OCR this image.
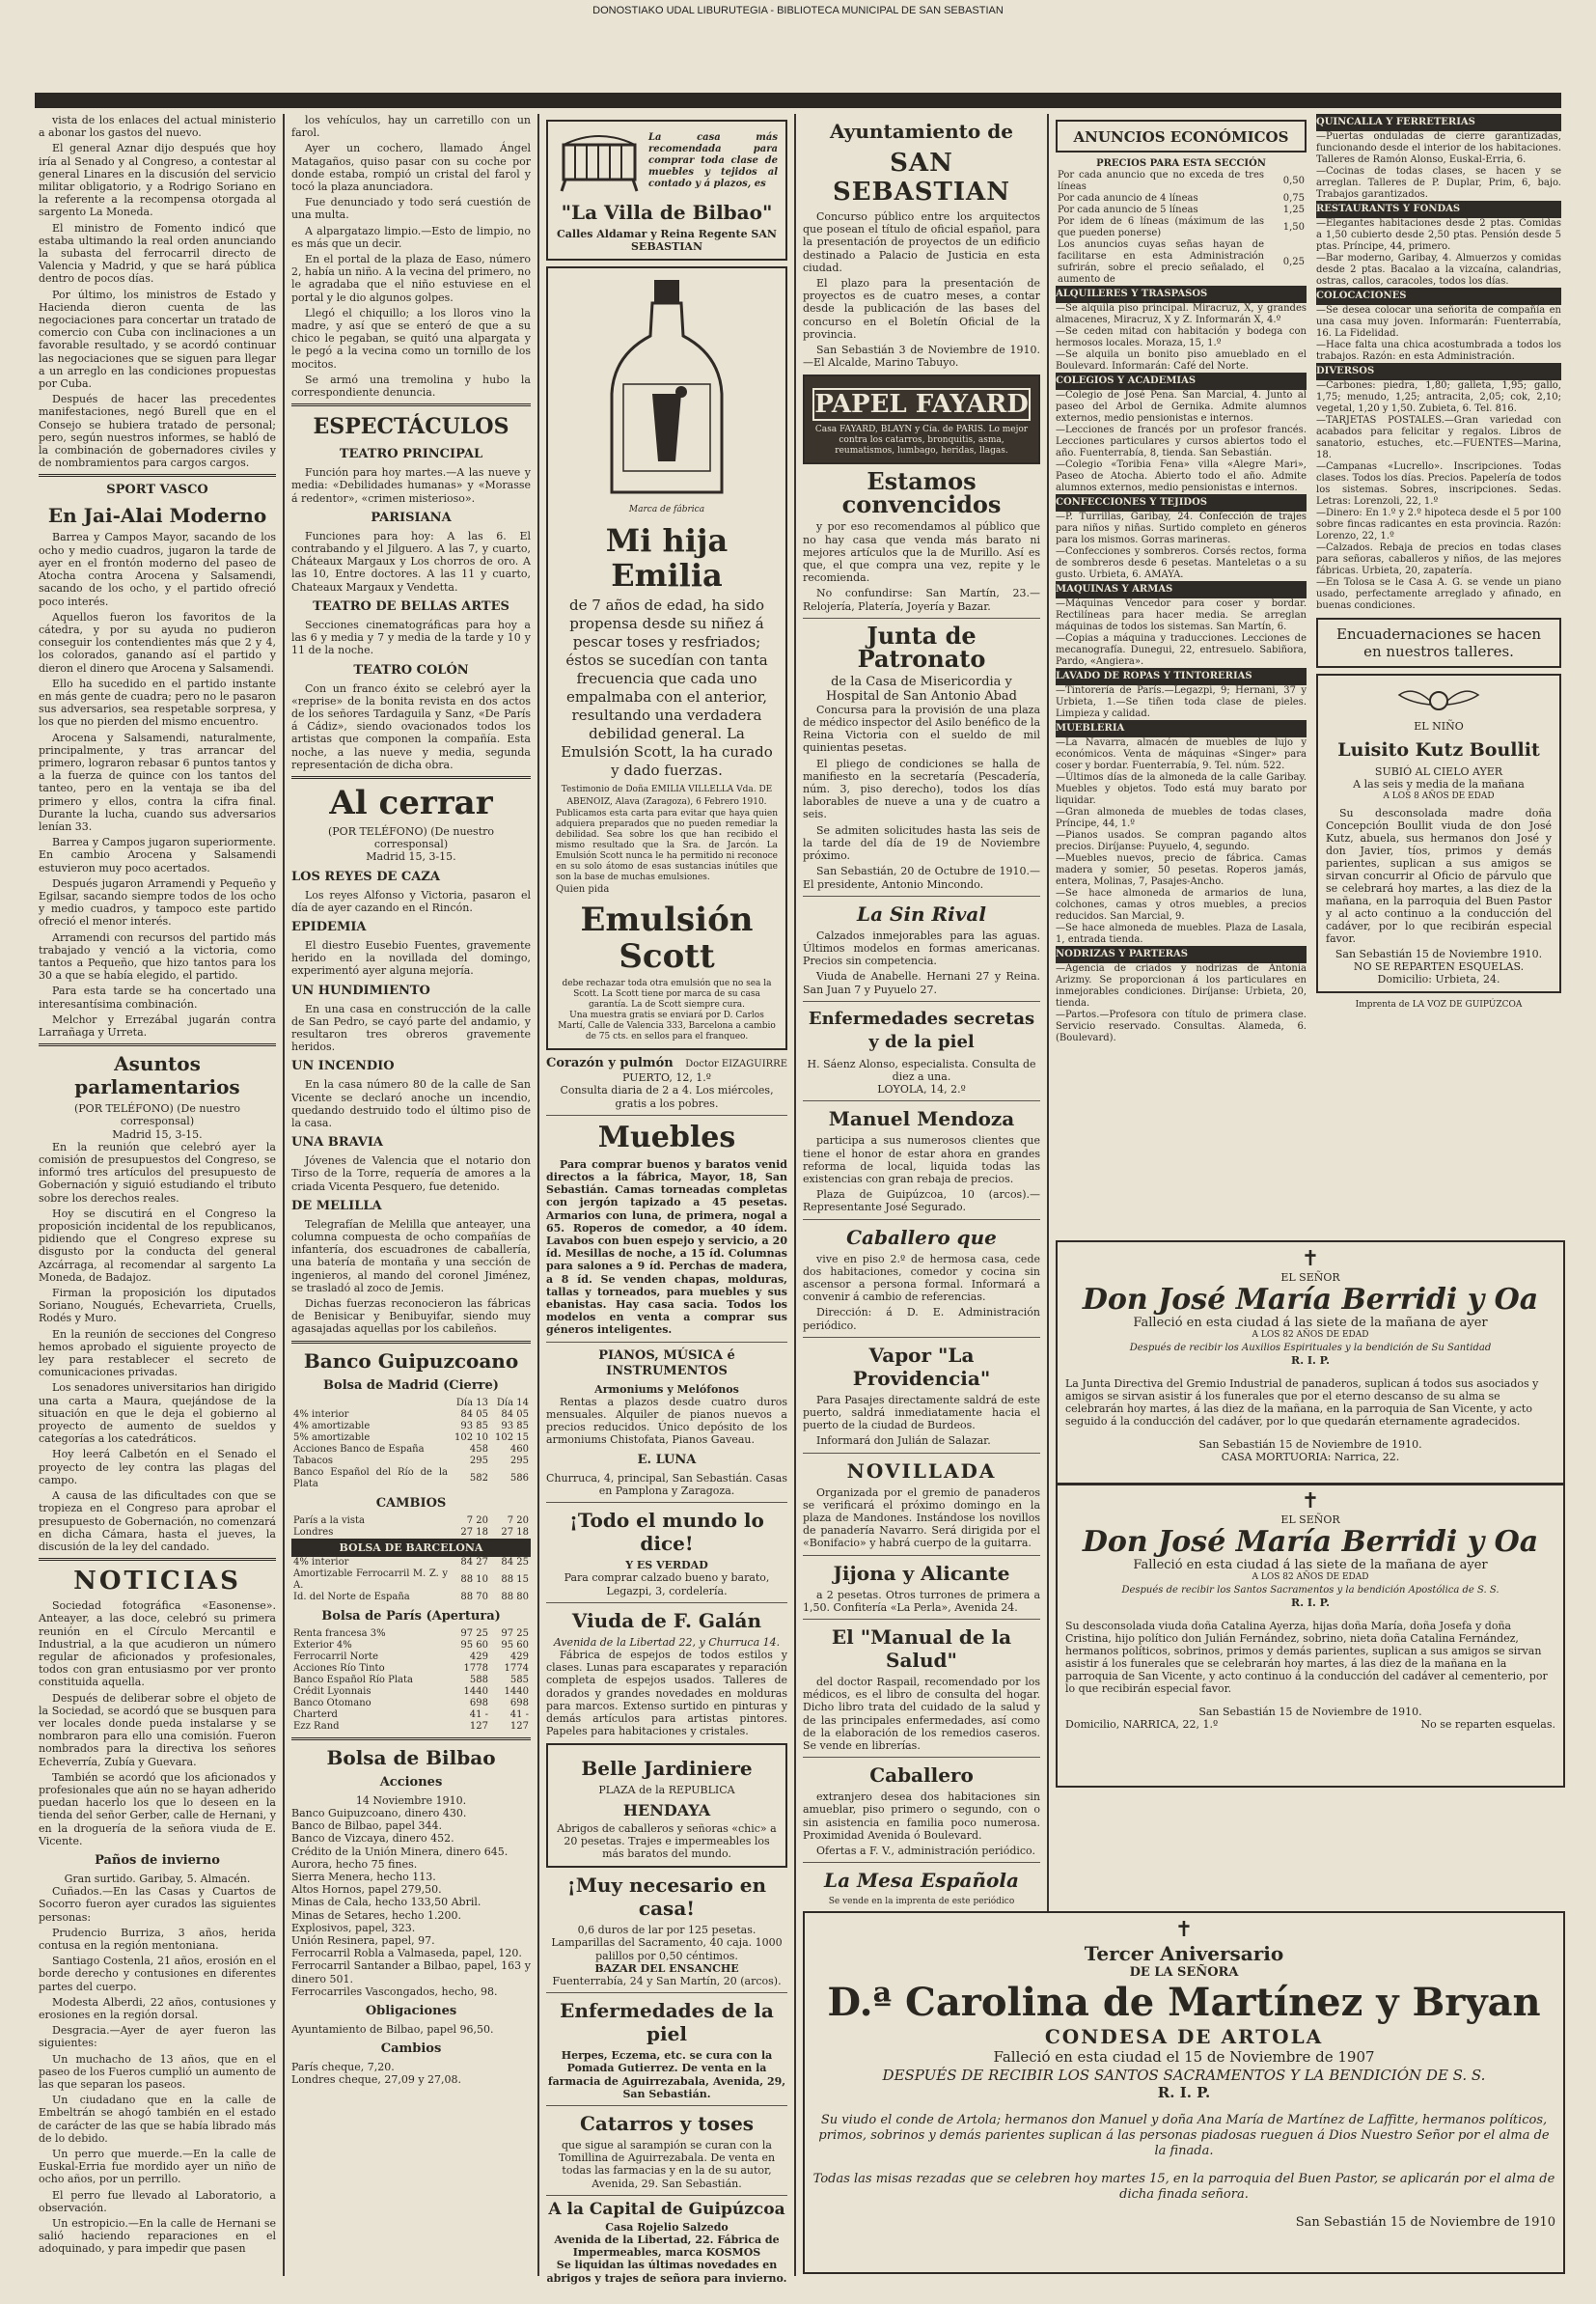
DONOSTIAKO UDAL LIBURUTEGIA - BIBLIOTECA MUNICIPAL DE SAN SEBASTIAN

vista de los enlaces del actual ministerio a abonar los gastos del nuevo.

El general Aznar dijo después que hoy iría al Senado y al Congreso, a contestar al general Linares en la discusión del servicio militar obligatorio, y a Rodrigo Soriano en la referente a la recompensa otorgada al sargento La Moneda.

El ministro de Fomento indicó que estaba ultimando la real orden anunciando la subasta del ferrocarril directo de Valencia y Madrid, y que se hará pública dentro de pocos días.

Por último, los ministros de Estado y Hacienda dieron cuenta de las negociaciones para concertar un tratado de comercio con Cuba con inclinaciones a un favorable resultado, y se acordó continuar las negociaciones que se siguen para llegar a un arreglo en las condiciones propuestas por Cuba.

Después de hacer las precedentes manifestaciones, negó Burell que en el Consejo se hubiera tratado de personal; pero, según nuestros informes, se habló de la combinación de gobernadores civiles y de nombramientos para cargos cargos.

SPORT VASCO
En Jai-Alai Moderno

Barrea y Campos Mayor, sacando de los ocho y medio cuadros, jugaron la tarde de ayer en el frontón moderno del paseo de Atocha contra Arocena y Salsamendi, sacando de los ocho, y el partido ofreció poco interés.

Aquellos fueron los favoritos de la cátedra, y por su ayuda no pudieron conseguir los contendientes más que 2 y 4, los colorados, ganando así el partido y dieron el dinero que Arocena y Salsamendi.

Ello ha sucedido en el partido instante en más gente de cuadra; pero no le pasaron sus adversarios, sea respetable sorpresa, y los que no pierden del mismo encuentro.

Arocena y Salsamendi, naturalmente, principalmente, y tras arrancar del primero, lograron rebasar 6 puntos tantos y a la fuerza de quince con los tantos del tanteo, pero en la ventaja se iba del primero y ellos, contra la cifra final. Durante la lucha, cuando sus adversarios lenían 33.

Barrea y Campos jugaron superiormente. En cambio Arocena y Salsamendi estuvieron muy poco acertados.

Después jugaron Arramendi y Pequeño y Egilsar, sacando siempre todos de los ocho y medio cuadros, y tampoco este partido ofreció el menor interés.

Arramendi con recursos del partido más trabajado y venció a la victoria, como tantos a Pequeño, que hizo tantos para los 30 a que se había elegido, el partido.

Para esta tarde se ha concertado una interesantísima combinación.

Melchor y Errezábal jugarán contra Larrañaga y Urreta.

Asuntos parlamentarios
(POR TELÉFONO) (De nuestro corresponsal)
Madrid 15, 3-15.

En la reunión que celebró ayer la comisión de presupuestos del Congreso, se informó tres artículos del presupuesto de Gobernación y siguió estudiando el tributo sobre los derechos reales.

Hoy se discutirá en el Congreso la proposición incidental de los republicanos, pidiendo que el Congreso exprese su disgusto por la conducta del general Azcárraga, al recomendar al sargento La Moneda, de Badajoz.

Firman la proposición los diputados Soriano, Nougués, Echevarrieta, Cruells, Rodés y Muro.

En la reunión de secciones del Congreso hemos aprobado el siguiente proyecto de ley para restablecer el secreto de comunicaciones privadas.

Los senadores universitarios han dirigido una carta a Maura, quejándose de la situación en que le deja el gobierno al proyecto de aumento de sueldos y categorías a los catedráticos.

Hoy leerá Calbetón en el Senado el proyecto de ley contra las plagas del campo.

A causa de las dificultades con que se tropieza en el Congreso para aprobar el presupuesto de Gobernación, no comenzará en dicha Cámara, hasta el jueves, la discusión de la ley del candado.

NOTICIAS

Sociedad fotográfica «Easonense». Anteayer, a las doce, celebró su primera reunión en el Círculo Mercantil e Industrial, a la que acudieron un número regular de aficionados y profesionales, todos con gran entusiasmo por ver pronto constituida aquella.

Después de deliberar sobre el objeto de la Sociedad, se acordó que se busquen para ver locales donde pueda instalarse y se nombraron para ello una comisión. Fueron nombrados para la directiva los señores Echeverría, Zubía y Guevara.

También se acordó que los aficionados y profesionales que aún no se hayan adherido puedan hacerlo los que lo deseen en la tienda del señor Gerber, calle de Hernani, y en la droguería de la señora viuda de E. Vicente.

Paños de invierno
Gran surtido. Garibay, 5. Almacén.

Cuñados.—En las Casas y Cuartos de Socorro fueron ayer curados las siguientes personas:

Prudencio Burriza, 3 años, herida contusa en la región mentoniana.

Santiago Costenla, 21 años, erosión en el borde derecho y contusiones en diferentes partes del cuerpo.

Modesta Alberdi, 22 años, contusiones y erosiones en la región dorsal.

Desgracia.—Ayer de ayer fueron las siguientes:

Un muchacho de 13 años, que en el paseo de los Fueros cumplió un aumento de las que separan los paseos.

Un ciudadano que en la calle de Embeltrán se ahogó también en el estado de carácter de las que se había librado más de lo debido.

Un perro que muerde.—En la calle de Euskal-Erria fue mordido ayer un niño de ocho años, por un perrillo.

El perro fue llevado al Laboratorio, a observación.

Un estropicio.—En la calle de Hernani se salió haciendo reparaciones en el adoquinado, y para impedir que pasen

los vehículos, hay un carretillo con un farol.

Ayer un cochero, llamado Ángel Matagaños, quiso pasar con su coche por donde estaba, rompió un cristal del farol y tocó la plaza anunciadora.

Fue denunciado y todo será cuestión de una multa.

A alpargatazo limpio.—Esto de limpio, no es más que un decir.

En el portal de la plaza de Easo, número 2, había un niño. A la vecina del primero, no le agradaba que el niño estuviese en el portal y le dio algunos golpes.

Llegó el chiquillo; a los lloros vino la madre, y así que se enteró de que a su chico le pegaban, se quitó una alpargata y le pegó a la vecina como un tornillo de los mocitos.

Se armó una tremolina y hubo la correspondiente denuncia.

ESPECTÁCULOS
TEATRO PRINCIPAL

Función para hoy martes.—A las nueve y media: «Debilidades humanas» y «Morasse á redentor», «crimen misterioso».

PARISIANA

Funciones para hoy: A las 6. El contrabando y el Jilguero. A las 7, y cuarto, Cháteaux Margaux y Los chorros de oro. A las 10, Entre doctores. A las 11 y cuarto, Chateaux Margaux y Vendetta.

TEATRO DE BELLAS ARTES

Secciones cinematográficas para hoy a las 6 y media y 7 y media de la tarde y 10 y 11 de la noche.

TEATRO COLÓN

Con un franco éxito se celebró ayer la «reprise» de la bonita revista en dos actos de los señores Tardaguila y Sanz, «De París á Cádiz», siendo ovacionados todos los artistas que componen la compañía. Esta noche, a las nueve y media, segunda representación de dicha obra.

Al cerrar
(POR TELÉFONO) (De nuestro corresponsal)
Madrid 15, 3-15.
LOS REYES DE CAZA

Los reyes Alfonso y Victoria, pasaron el día de ayer cazando en el Rincón.

EPIDEMIA

El diestro Eusebio Fuentes, gravemente herido en la novillada del domingo, experimentó ayer alguna mejoría.

UN HUNDIMIENTO

En una casa en construcción de la calle de San Pedro, se cayó parte del andamio, y resultaron tres obreros gravemente heridos.

UN INCENDIO

En la casa número 80 de la calle de San Vicente se declaró anoche un incendio, quedando destruido todo el último piso de la casa.

UNA BRAVIA

Jóvenes de Valencia que el notario don Tirso de la Torre, requería de amores a la criada Vicenta Pesquero, fue detenido.

DE MELILLA

Telegrafían de Melilla que anteayer, una columna compuesta de ocho compañías de infantería, dos escuadrones de caballería, una batería de montaña y una sección de ingenieros, al mando del coronel Jiménez, se trasladó al zoco de Jemis.

Dichas fuerzas reconocieron las fábricas de Benisicar y Benibuyifar, siendo muy agasajadas aquellas por los cabileños.

Banco Guipuzcoano
Bolsa de Madrid (Cierre)
	Día 13	Día 14
4% interior	84 05	84 05
4% amortizable	93 85	93 85
5% amortizable	102 10	102 15
Acciones Banco de España	458	460
Tabacos	295	295
Banco Español del Río de la Plata	582	586
CAMBIOS
París a la vista	7 20	7 20
Londres	27 18	27 18
BOLSA DE BARCELONA
4% interior	84 27	84 25
Amortizable Ferrocarril M. Z. y A.	88 10	88 15
Id. del Norte de España	88 70	88 80
Bolsa de París (Apertura)
Renta francesa 3%	97 25	97 25
Exterior 4%	95 60	95 60
Ferrocarril Norte	429	429
Acciones Río Tinto	1778	1774
Banco Español Río Plata	588	585
Crédit Lyonnais	1440	1440
Banco Otomano	698	698
Charterd	41 -	41 -
Ezz Rand	127	127
Bolsa de Bilbao
Acciones
14 Noviembre 1910.
Banco Guipuzcoano, dinero 430.
Banco de Bilbao, papel 344.
Banco de Vizcaya, dinero 452.
Crédito de la Unión Minera, dinero 645.
Aurora, hecho 75 fines.
Sierra Menera, hecho 113.
Altos Hornos, papel 279,50.
Minas de Cala, hecho 133,50 Abril.
Minas de Setares, hecho 1.200.
Explosivos, papel, 323.
Unión Resinera, papel, 97.
Ferrocarril Robla a Valmaseda, papel, 120.
Ferrocarril Santander a Bilbao, papel, 163 y dinero 501.
Ferrocarriles Vascongados, hecho, 98.
Obligaciones
Ayuntamiento de Bilbao, papel 96,50.
Cambios
París cheque, 7,20.
Londres cheque, 27,09 y 27,08.
La casa más recomendada para comprar toda clase de muebles y tejidos al contado y á plazos, es
"La Villa de Bilbao"
Calles Aldamar y Reina Regente SAN SEBASTIAN
Marca de fábrica
Mi hija Emilia
de 7 años de edad, ha sido propensa desde su niñez á pescar toses y resfriados; éstos se sucedían con tanta frecuencia que cada uno empalmaba con el anterior, resultando una verdadera debilidad general. La Emulsión Scott, la ha curado y dado fuerzas.
Testimonio de Doña EMILIA VILLELLA Vda. DE ABENOIZ, Alava (Zaragoza), 6 Febrero 1910.
Publicamos esta carta para evitar que haya quien adquiera preparados que no pueden remediar la debilidad. Sea sobre los que han recibido el mismo resultado que la Sra. de Jarcón. La Emulsión Scott nunca le ha permitido ni reconoce en su solo átomo de esas sustancias inútiles que son la base de muchas emulsiones.
Quien pida
Emulsión Scott
debe rechazar toda otra emulsión que no sea la Scott. La Scott tiene por marca de su casa garantía. La de Scott siempre cura.
Una muestra gratis se enviará por D. Carlos Martí, Calle de Valencia 333, Barcelona a cambio de 75 cts. en sellos para el franqueo.
Corazón y pulmón Doctor EIZAGUIRRE
PUERTO, 12, 1.º
Consulta diaria de 2 a 4. Los miércoles, gratis a los pobres.
Muebles

Para comprar buenos y baratos venid directos a la fábrica, Mayor, 18, San Sebastián. Camas torneadas completas con jergón tapizado a 45 pesetas. Armarios con luna, de primera, nogal a 65. Roperos de comedor, a 40 ídem. Lavabos con buen espejo y servicio, a 20 íd. Mesillas de noche, a 15 íd. Columnas para salones a 9 íd. Perchas de madera, a 8 íd. Se venden chapas, molduras, tallas y torneados, para muebles y sus ebanistas. Hay casa sacia. Todos los modelos en venta a comprar sus géneros inteligentes.

PIANOS, MÚSICA é INSTRUMENTOS
Armoniums y Melófonos

Rentas a plazos desde cuatro duros mensuales. Alquiler de pianos nuevos a precios reducidos. Único depósito de los armoniums Chistofata, Pianos Gaveau.

E. LUNA
Churruca, 4, principal, San Sebastián. Casas en Pamplona y Zaragoza.
¡Todo el mundo lo dice!
Y ES VERDAD
Para comprar calzado bueno y barato, Legazpi, 3, cordelería.
Viuda de F. Galán
Avenida de la Libertad 22, y Churruca 14.

Fábrica de espejos de todos estilos y clases. Lunas para escaparates y reparación completa de espejos usados. Talleres de dorados y grandes novedades en molduras para marcos. Extenso surtido en pinturas y demás artículos para artistas pintores. Papeles para habitaciones y cristales.

Belle Jardiniere
PLAZA de la REPUBLICA
HENDAYA
Abrigos de caballeros y señoras «chic» a 20 pesetas. Trajes e impermeables los más baratos del mundo.
¡Muy necesario en casa!
0,6 duros de lar por 125 pesetas. Lamparillas del Sacramento, 40 caja. 1000 palillos por 0,50 céntimos.
BAZAR DEL ENSANCHE
Fuenterrabía, 24 y San Martín, 20 (arcos).
Enfermedades de la piel
Herpes, Eczema, etc. se cura con la Pomada Gutierrez. De venta en la farmacia de Aguirrezabala, Avenida, 29, San Sebastián.
Catarros y toses
que sigue al sarampión se curan con la Tomillina de Aguirrezabala. De venta en todas las farmacias y en la de su autor, Avenida, 29. San Sebastián.
A la Capital de Guipúzcoa
Casa Rojelio Salzedo
Avenida de la Libertad, 22. Fábrica de Impermeables, marca KOSMOS
Se liquidan las últimas novedades en abrigos y trajes de señora para invierno.
Ayuntamiento de
SAN SEBASTIAN

Concurso público entre los arquitectos que posean el título de oficial español, para la presentación de proyectos de un edificio destinado a Palacio de Justicia en esta ciudad.

El plazo para la presentación de proyectos es de cuatro meses, a contar desde la publicación de las bases del concurso en el Boletín Oficial de la provincia.

San Sebastián 3 de Noviembre de 1910.—El Alcalde, Marino Tabuyo.

PAPEL FAYARD
Casa FAYARD, BLAYN y Cía. de PARIS. Lo mejor contra los catarros, bronquitis, asma, reumatismos, lumbago, heridas, llagas.
Estamos convencidos

y por eso recomendamos al público que no hay casa que venda más barato ni mejores artículos que la de Murillo. Así es que, el que compra una vez, repite y le recomienda.

No confundirse: San Martín, 23.—Relojería, Platería, Joyería y Bazar.

Junta de Patronato
de la Casa de Misericordia y Hospital de San Antonio Abad

Concursa para la provisión de una plaza de médico inspector del Asilo benéfico de la Reina Victoria con el sueldo de mil quinientas pesetas.

El pliego de condiciones se halla de manifiesto en la secretaría (Pescadería, núm. 3, piso derecho), todos los días laborables de nueve a una y de cuatro a seis.

Se admiten solicitudes hasta las seis de la tarde del día de 19 de Noviembre próximo.

San Sebastián, 20 de Octubre de 1910.—El presidente, Antonio Mincondo.

La Sin Rival

Calzados inmejorables para las aguas. Últimos modelos en formas americanas. Precios sin competencia.

Viuda de Anabelle. Hernani 27 y Reina. San Juan 7 y Puyuelo 27.

Enfermedades secretas y de la piel
H. Sáenz Alonso, especialista. Consulta de diez a una.
LOYOLA, 14, 2.º
Manuel Mendoza

participa a sus numerosos clientes que tiene el honor de estar ahora en grandes reforma de local, liquida todas las existencias con gran rebaja de precios.

Plaza de Guipúzcoa, 10 (arcos).—Representante José Segurado.

Caballero que

vive en piso 2.º de hermosa casa, cede dos habitaciones, comedor y cocina sin ascensor a persona formal. Informará a convenir á cambio de referencias.

Dirección: á D. E. Administración periódico.

Vapor "La Providencia"

Para Pasajes directamente saldrá de este puerto, saldrá inmediatamente hacia el puerto de la ciudad de Burdeos.

Informará don Julián de Salazar.

NOVILLADA

Organizada por el gremio de panaderos se verificará el próximo domingo en la plaza de Mandones. Instándose los novillos de panadería Navarro. Será dirigida por el «Bonifacio» y habrá cuerpo de la guitarra.

Jijona y Alicante

a 2 pesetas. Otros turrones de primera a 1,50. Confitería «La Perla», Avenida 24.

El "Manual de la Salud"

del doctor Raspail, recomendado por los médicos, es el libro de consulta del hogar. Dicho libro trata del cuidado de la salud y de las principales enfermedades, así como de la elaboración de los remedios caseros. Se vende en librerías.

Caballero

extranjero desea dos habitaciones sin amueblar, piso primero o segundo, con o sin asistencia en familia poco numerosa. Proximidad Avenida ó Boulevard.

Ofertas a F. V., administración periódico.

La Mesa Española
Se vende en la imprenta de este periódico
ANUNCIOS ECONÓMICOS
PRECIOS PARA ESTA SECCIÓN
Por cada anuncio que no exceda de tres líneas	0,50
Por cada anuncio de 4 líneas	0,75
Por cada anuncio de 5 líneas	1,25
Por idem de 6 líneas (máximum de las que pueden ponerse)	1,50
Los anuncios cuyas señas hayan de facilitarse en esta Administración sufrirán, sobre el precio señalado, el aumento de	0,25
ALQUILERES Y TRASPASOS
—Se alquila piso principal. Miracruz, X, y grandes almacenes, Miracruz, X y Z. Informarán X, 4.º
—Se ceden mitad con habitación y bodega con hermosos locales. Moraza, 15, 1.º
—Se alquila un bonito piso amueblado en el Boulevard. Informarán: Café del Norte.
COLEGIOS Y ACADEMIAS
—Colegio de José Pena. San Marcial, 4. Junto al paseo del Arbol de Gernika. Admite alumnos externos, medio pensionistas e internos.
—Lecciones de francés por un profesor francés. Lecciones particulares y cursos abiertos todo el año. Fuenterrabía, 8, tienda. San Sebastián.
—Colegio «Toribia Fena» villa «Alegre Mari», Paseo de Atocha. Abierto todo el año. Admite alumnos externos, medio pensionistas e internos.
CONFECCIONES Y TEJIDOS
—P. Turrillas, Garibay, 24. Confección de trajes para niños y niñas. Surtido completo en géneros para los mismos. Gorras marineras.
—Confecciones y sombreros. Corsés rectos, forma de sombreros desde 6 pesetas. Manteletas o a su gusto. Urbieta, 6. AMAYA.
MAQUINAS Y ARMAS
—Máquinas Vencedor para coser y bordar. Rectilíneas para hacer media. Se arreglan máquinas de todos los sistemas. San Martín, 6.
—Copias a máquina y traducciones. Lecciones de mecanografía. Dunegui, 22, entresuelo. Sabiñora, Pardo, «Angiera».
LAVADO DE ROPAS Y TINTORERIAS
—Tintorería de París.—Legazpi, 9; Hernani, 37 y Urbieta, 1.—Se tiñen toda clase de pieles. Limpieza y calidad.
MUEBLERIA
—La Navarra, almacén de muebles de lujo y económicos. Venta de máquinas «Singer» para coser y bordar. Fuenterrabía, 9. Tel. núm. 522.
—Últimos días de la almoneda de la calle Garibay. Muebles y objetos. Todo está muy barato por liquidar.
—Gran almoneda de muebles de todas clases, Príncipe, 44, 1.º
—Pianos usados. Se compran pagando altos precios. Diríjanse: Puyuelo, 4, segundo.
—Muebles nuevos, precio de fábrica. Camas madera y somier, 50 pesetas. Roperos jamás, entera, Molinas, 7, Pasajes-Ancho.
—Se hace almoneda de armarios de luna, colchones, camas y otros muebles, a precios reducidos. San Marcial, 9.
—Se hace almoneda de muebles. Plaza de Lasala, 1, entrada tienda.
NODRIZAS Y PARTERAS
—Agencia de criados y nodrizas de Antonia Arizmy. Se proporcionan á los particulares en inmejorables condiciones. Diríjanse: Urbieta, 20, tienda.
—Partos.—Profesora con título de primera clase. Servicio reservado. Consultas. Alameda, 6. (Boulevard).
QUINCALLA Y FERRETERIAS
—Puertas onduladas de cierre garantizadas, funcionando desde el interior de los habitaciones. Talleres de Ramón Alonso, Euskal-Erria, 6.
—Cocinas de todas clases, se hacen y se arreglan. Talleres de P. Duplar, Prim, 6, bajo. Trabajos garantizados.
RESTAURANTS Y FONDAS
—Elegantes habitaciones desde 2 ptas. Comidas a 1,50 cubierto desde 2,50 ptas. Pensión desde 5 ptas. Príncipe, 44, primero.
—Bar moderno, Garibay, 4. Almuerzos y comidas desde 2 ptas. Bacalao a la vizcaína, calandrias, ostras, callos, caracoles, todos los días.
COLOCACIONES
—Se desea colocar una señorita de compañía en una casa muy joven. Informarán: Fuenterrabía, 16. La Fidelidad.
—Hace falta una chica acostumbrada a todos los trabajos. Razón: en esta Administración.
DIVERSOS
—Carbones: piedra, 1,80; galleta, 1,95; gallo, 1,75; menudo, 1,25; antracita, 2,05; cok, 2,10; vegetal, 1,20 y 1,50. Zubieta, 6. Tel. 816.
—TARJETAS POSTALES.—Gran variedad con acabados para felicitar y regalos. Libros de sanatorio, estuches, etc.—FUENTES—Marina, 18.
—Campanas «Lucrello». Inscripciones. Todas clases. Todos los días. Precios. Papelería de todos los sistemas. Sobres, inscripciones. Sedas. Letras: Lorenzoli, 22, 1.º
—Dinero: En 1.º y 2.º hipoteca desde el 5 por 100 sobre fincas radicantes en esta provincia. Razón: Lorenzo, 22, 1.º
—Calzados. Rebaja de precios en todas clases para señoras, caballeros y niños, de las mejores fábricas. Urbieta, 20, zapatería.
—En Tolosa se le Casa A. G. se vende un piano usado, perfectamente arreglado y afinado, en buenas condiciones.
Encuadernaciones se hacen en nuestros talleres.
EL NIÑO
Luisito Kutz Boullit
SUBIÓ AL CIELO AYER
A las seis y media de la mañana
A LOS 8 AÑOS DE EDAD

Su desconsolada madre doña Concepción Boullit viuda de don José Kutz, abuela, sus hermanos don José y don Javier, tíos, primos y demás parientes, suplican a sus amigos se sirvan concurrir al Oficio de párvulo que se celebrará hoy martes, a las diez de la mañana, en la parroquia del Buen Pastor y al acto continuo a la conducción del cadáver, por lo que recibirán especial favor.

San Sebastián 15 de Noviembre 1910.
NO SE REPARTEN ESQUELAS.
Domicilio: Urbieta, 24.
Imprenta de LA VOZ DE GUIPÚZCOA
✝
EL SEÑOR
Don José María Berridi y Oa
Falleció en esta ciudad á las siete de la mañana de ayer
A LOS 82 AÑOS DE EDAD
Después de recibir los Auxilios Espirituales y la bendición de Su Santidad
R. I. P.

La Junta Directiva del Gremio Industrial de panaderos, suplican á todos sus asociados y amigos se sirvan asistir á los funerales que por el eterno descanso de su alma se celebrarán hoy martes, á las diez de la mañana, en la parroquia de San Vicente, y acto seguido á la conducción del cadáver, por lo que quedarán eternamente agradecidos.

San Sebastián 15 de Noviembre de 1910.
CASA MORTUORIA: Narrica, 22.
✝
EL SEÑOR
Don José María Berridi y Oa
Falleció en esta ciudad á las siete de la mañana de ayer
A LOS 82 AÑOS DE EDAD
Después de recibir los Santos Sacramentos y la bendición Apostólica de S. S.
R. I. P.

Su desconsolada viuda doña Catalina Ayerza, hijas doña María, doña Josefa y doña Cristina, hijo político don Julián Fernández, sobrino, nieta doña Catalina Fernández, hermanos políticos, sobrinos, primos y demás parientes, suplican a sus amigos se sirvan asistir á los funerales que se celebrarán hoy martes, á las diez de la mañana en la parroquia de San Vicente, y acto continuo á la conducción del cadáver al cementerio, por lo que recibirán especial favor.

San Sebastián 15 de Noviembre de 1910.
Domicilio, NARRICA, 22, 1.º	No se reparten esquelas.
✝
Tercer Aniversario
DE LA SEÑORA
D.ª Carolina de Martínez y Bryan
CONDESA DE ARTOLA
Falleció en esta ciudad el 15 de Noviembre de 1907
DESPUÉS DE RECIBIR LOS SANTOS SACRAMENTOS Y LA BENDICIÓN DE S. S.
R. I. P.

Su viudo el conde de Artola; hermanos don Manuel y doña Ana María de Martínez de Laffitte, hermanos políticos, primos, sobrinos y demás parientes suplican á las personas piadosas rueguen á Dios Nuestro Señor por el alma de la finada.

Todas las misas rezadas que se celebren hoy martes 15, en la parroquia del Buen Pastor, se aplicarán por el alma de dicha finada señora.

San Sebastián 15 de Noviembre de 1910
